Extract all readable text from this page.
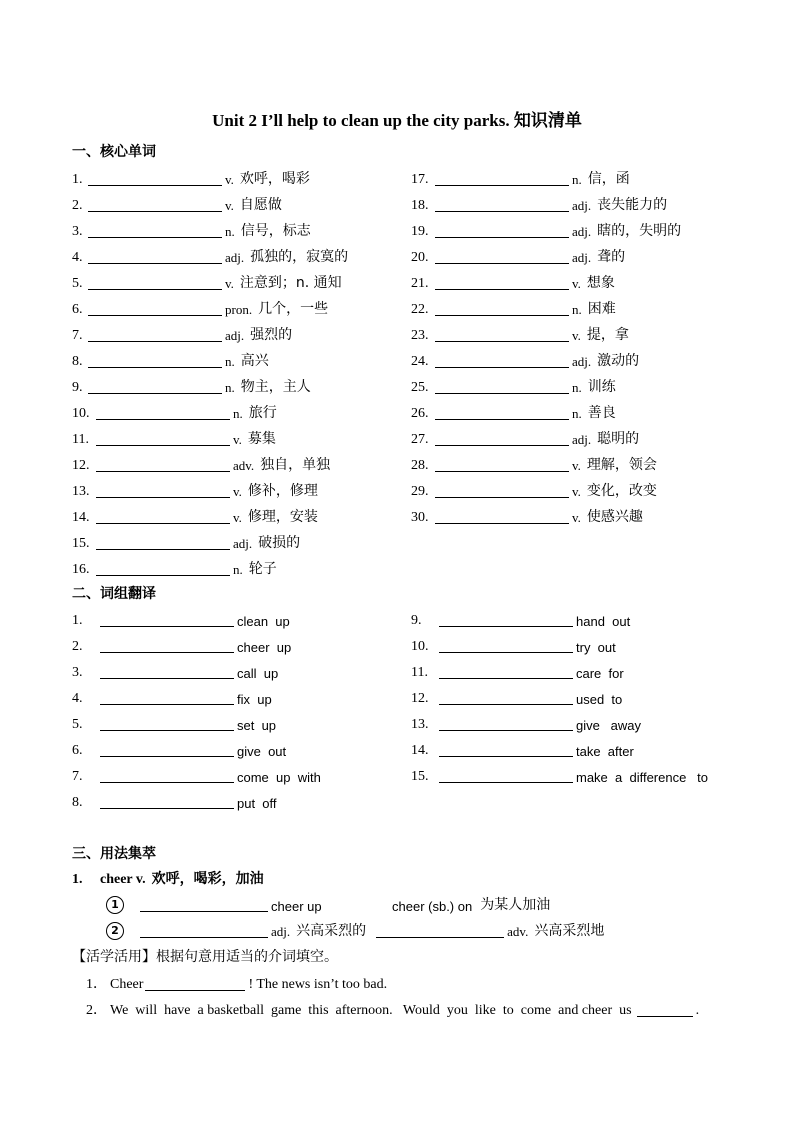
Unit 2 I’ll help to clean up the city parks. 知识清单
一、核心单词
1.	v. 欢呼，喝彩
2.	v. 自愿做
3.	n. 信号，标志
4.	adj. 孤独的，寂寞的
5.	v. 注意到；n. 通知
6.	pron. 几个，一些
7.	adj. 强烈的
8.	n. 高兴
9.	n. 物主，主人
10.	n. 旅行
11.	v. 募集
12.	adv. 独自，单独
13.	v. 修补，修理
14.	v. 修理，安装
15.	adj. 破损的
16.	n. 轮子
17.	n. 信，函
18.	adj. 丧失能力的
19.	adj. 瞎的，失明的
20.	adj. 聋的
21.	v. 想象
22.	n. 困难
23.	v. 提，拿
24.	adj. 激动的
25.	n. 训练
26.	n. 善良
27.	adj. 聪明的
28.	v. 理解，领会
29.	v. 变化，改变
30.	v. 使感兴趣
二、词组翻译
1.	clean  up
2.	cheer  up
3.	call  up
4.	fix  up
5.	set  up
6.	give  out
7.	come  up  with
8.	put  off
9.	hand  out
10.	try  out
11.	care  for
12.	used  to
13.	give   away
14.	take  after
15.	make  a  difference   to
三、用法集萃
1.	cheer v. 欢呼，喝彩，加油
1	cheer up	cheer (sb.) on 为某人加油
2	adj. 兴高采烈的	adv. 兴高采烈地
【活学活用】根据句意用适当的介词填空。
1． Cheer	! The news isn’t too bad.
2． We  will  have  a basketball  game  this  afternoon.   Would  you  like  to  come  and cheer  us	.
